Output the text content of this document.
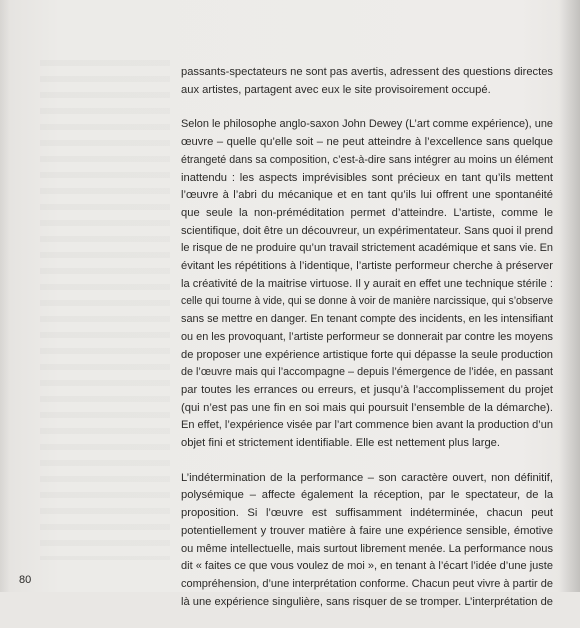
passants-spectateurs ne sont pas avertis, adressent des questions directes
aux artistes, partagent avec eux le site provisoirement occupé.
Selon le philosophe anglo-saxon John Dewey (L’art comme expérience), une
œuvre – quelle qu’elle soit – ne peut atteindre à l’excellence sans quelque
étrangeté dans sa composition, c’est-à-dire sans intégrer au moins un élément
inattendu : les aspects imprévisibles sont précieux en tant qu’ils mettent
l’œuvre à l’abri du mécanique et en tant qu’ils lui offrent une spontanéité
que seule la non-préméditation permet d’atteindre. L’artiste, comme le
scientifique, doit être un découvreur, un expérimentateur. Sans quoi il prend
le risque de ne produire qu’un travail strictement académique et sans vie. En
évitant les répétitions à l’identique, l’artiste performeur cherche à préserver
la créativité de la maitrise virtuose. Il y aurait en effet une technique stérile :
celle qui tourne à vide, qui se donne à voir de manière narcissique, qui s’observe
sans se mettre en danger. En tenant compte des incidents, en les intensifiant
ou en les provoquant, l’artiste performeur se donnerait par contre les moyens
de proposer une expérience artistique forte qui dépasse la seule production
de l’œuvre mais qui l’accompagne – depuis l’émergence de l’idée, en passant
par toutes les errances ou erreurs, et jusqu’à l’accomplissement du projet
(qui n’est pas une fin en soi mais qui poursuit l’ensemble de la démarche).
En effet, l’expérience visée par l’art commence bien avant la production d’un
objet fini et strictement identifiable. Elle est nettement plus large.
L’indétermination de la performance – son caractère ouvert, non définitif,
polysémique – affecte également la réception, par le spectateur, de la
proposition. Si l’œuvre est suffisamment indéterminée, chacun peut
potentiellement y trouver matière à faire une expérience sensible, émotive
ou même intellectuelle, mais surtout librement menée. La performance nous
dit « faites ce que vous voulez de moi », en tenant à l’écart l’idée d’une juste
compréhension, d’une interprétation conforme. Chacun peut vivre à partir de
là une expérience singulière, sans risquer de se tromper. L’interprétation de
80
